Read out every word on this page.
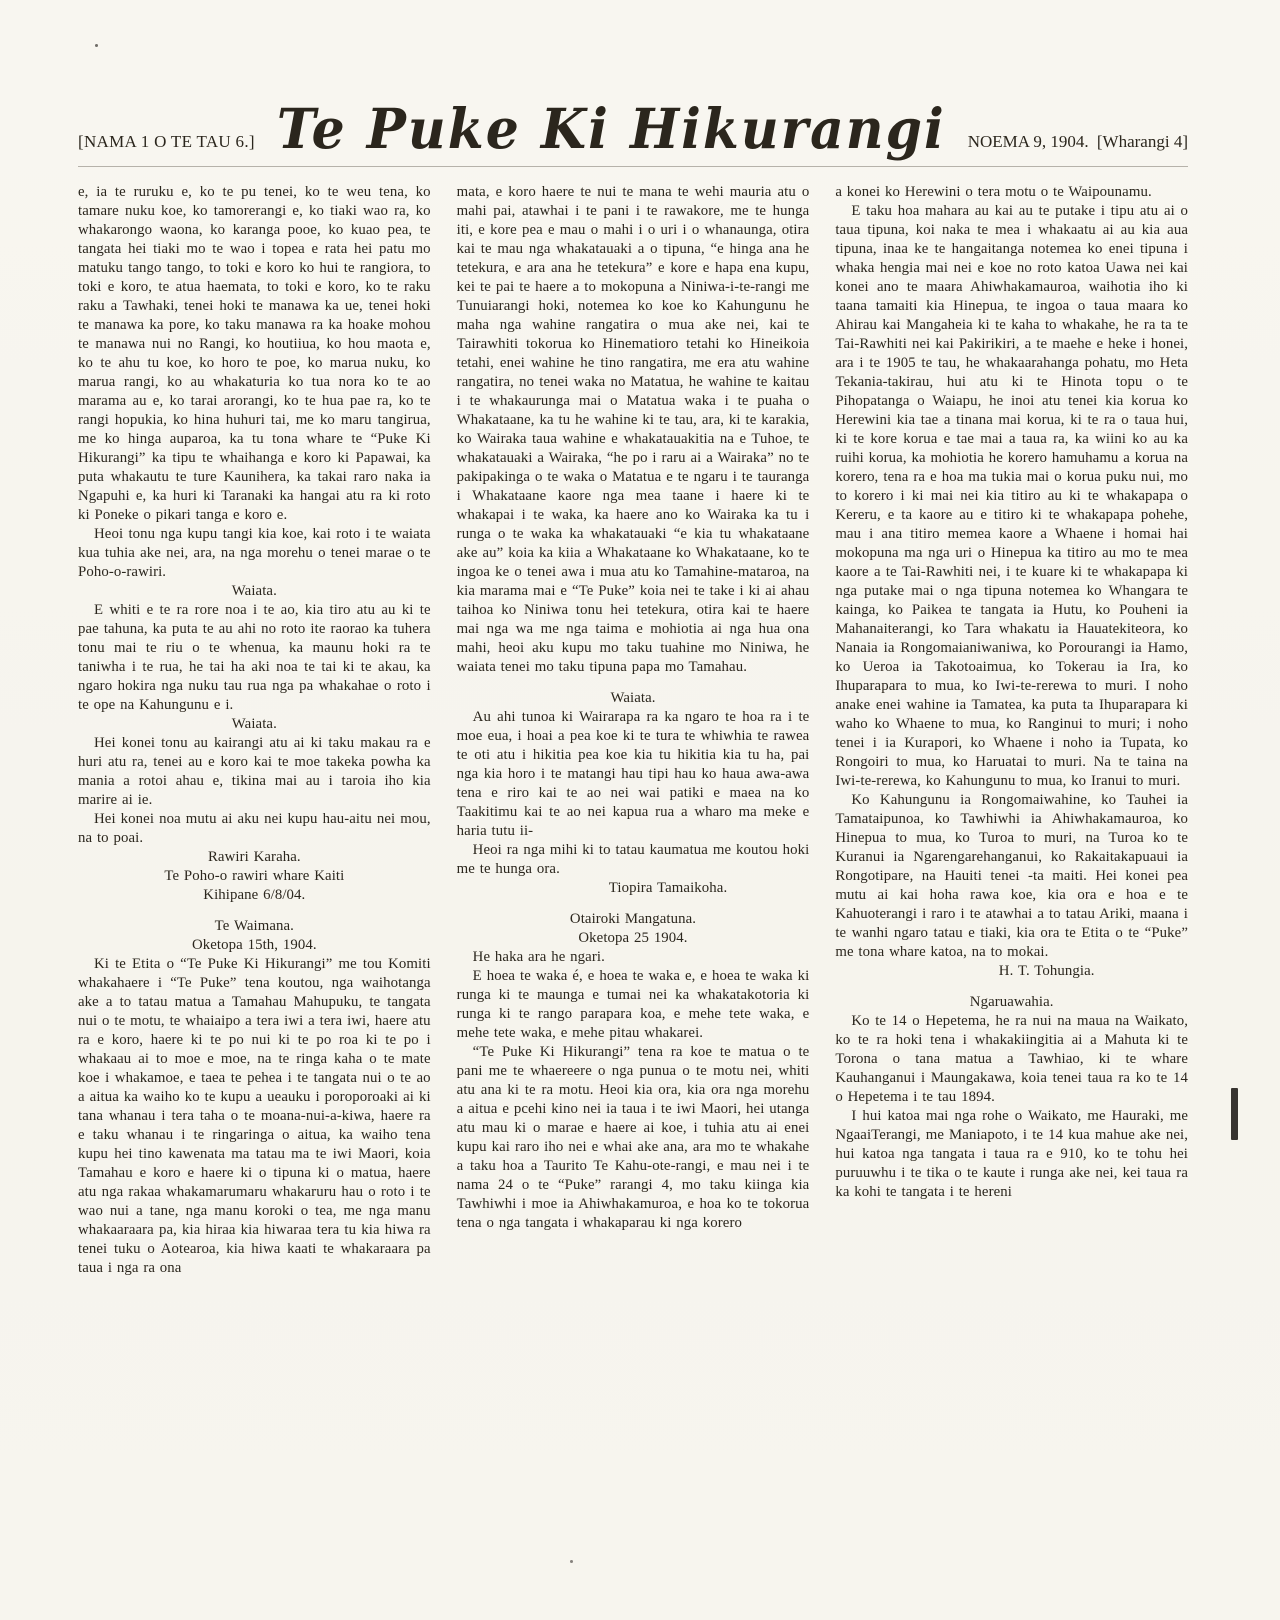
[NAMA 1 O TE TAU 6.] Te Puke Ki Hikurangi NOEMA 9, 1904. [Wharangi 4]

e, ia te ruruku e, ko te pu tenei, ko te weu tena, ko tamare nuku koe, ko tamorerangi e, ko tiaki wao ra, ko whakarongo waona, ko karanga pooe, ko kuao pea, te tangata hei tiaki mo te wao i topea e rata hei patu mo matuku tango tango, to toki e koro ko hui te rangiora, to toki e koro, te atua haemata, to toki e koro, ko te raku raku a Tawhaki, tenei hoki te manawa ka ue, tenei hoki te manawa ka pore, ko taku manawa ra ka hoake mohou te manawa nui no Rangi, ko houtiiua, ko hou maota e, ko te ahu tu koe, ko horo te poe, ko marua nuku, ko marua rangi, ko au whakaturia ko tua nora ko te ao marama au e, ko tarai arorangi, ko te hua pae ra, ko te rangi hopukia, ko hina huhuri tai, me ko maru tangirua, me ko hinga auparoa, ka tu tona whare te “Puke Ki Hikurangi” ka tipu te whaihanga e koro ki Papawai, ka puta whakautu te ture Kaunihera, ka takai raro naka ia Ngapuhi e, ka huri ki Taranaki ka hangai atu ra ki roto ki Poneke o pikari tanga e koro e.

Heoi tonu nga kupu tangi kia koe, kai roto i te waiata kua tuhia ake nei, ara, na nga morehu o tenei marae o te Poho-o-rawiri.

Waiata.

E whiti e te ra rore noa i te ao, kia tiro atu au ki te pae tahuna, ka puta te au ahi no roto ite raorao ka tuhera tonu mai te riu o te whenua, ka maunu hoki ra te taniwha i te rua, he tai ha aki noa te tai ki te akau, ka ngaro hokira nga nuku tau rua nga pa whakahae o roto i te ope na Kahungunu e i.

Waiata.

Hei konei tonu au kairangi atu ai ki taku makau ra e huri atu ra, tenei au e koro kai te moe takeka powha ka mania a rotoi ahau e, tikina mai au i taroia iho kia marire ai ie.

Hei konei noa mutu ai aku nei kupu hau-aitu nei mou, na to poai.

Rawiri Karaha.

Te Poho-o rawiri whare Kaiti

Kihipane 6/8/04.

Te Waimana.

Oketopa 15th, 1904.

Ki te Etita o “Te Puke Ki Hikurangi” me tou Komiti whakahaere i “Te Puke” tena koutou, nga waihotanga ake a to tatau matua a Tamahau Mahupuku, te tangata nui o te motu, te whaiaipo a tera iwi a tera iwi, haere atu ra e koro, haere ki te po nui ki te po roa ki te po i whakaau ai to moe e moe, na te ringa kaha o te mate koe i whakamoe, e taea te pehea i te tangata nui o te ao a aitua ka waiho ko te kupu a ueauku i poroporoaki ai ki tana whanau i tera taha o te moana-nui-a-kiwa, haere ra e taku whanau i te ringaringa o aitua, ka waiho tena kupu hei tino kawenata ma tatau ma te iwi Maori, koia Tamahau e koro e haere ki o tipuna ki o matua, haere atu nga rakaa whakamarumaru whakaruru hau o roto i te wao nui a tane, nga manu koroki o tea, me nga manu whakaaraara pa, kia hiraa kia hiwaraa tera tu kia hiwa ra tenei tuku o Aotearoa, kia hiwa kaati te whakaraara pa taua i nga ra ona

mata, e koro haere te nui te mana te wehi mauria atu o mahi pai, atawhai i te pani i te rawakore, me te hunga iti, e kore pea e mau o mahi i o uri i o whanaunga, otira kai te mau nga whakatauaki a o tipuna, “e hinga ana he tetekura, e ara ana he tetekura” e kore e hapa ena kupu, kei te pai te haere a to mokopuna a Niniwa-i-te-rangi me Tunuiarangi hoki, notemea ko koe ko Kahungunu he maha nga wahine rangatira o mua ake nei, kai te Tairawhiti tokorua ko Hinematioro tetahi ko Hineikoia tetahi, enei wahine he tino rangatira, me era atu wahine rangatira, no tenei waka no Matatua, he wahine te kaitau i te whakaurunga mai o Matatua waka i te puaha o Whakataane, ka tu he wahine ki te tau, ara, ki te karakia, ko Wairaka taua wahine e whakatauakitia na e Tuhoe, te whakatauaki a Wairaka, “he po i raru ai a Wairaka” no te pakipakinga o te waka o Matatua e te ngaru i te tauranga i Whakataane kaore nga mea taane i haere ki te whakapai i te waka, ka haere ano ko Wairaka ka tu i runga o te waka ka whakatauaki “e kia tu whakataane ake au” koia ka kiia a Whakataane ko Whakataane, ko te ingoa ke o tenei awa i mua atu ko Tamahine-mataroa, na kia marama mai e “Te Puke” koia nei te take i ki ai ahau taihoa ko Niniwa tonu hei tetekura, otira kai te haere mai nga wa me nga taima e mohiotia ai nga hua ona mahi, heoi aku kupu mo taku tuahine mo Niniwa, he waiata tenei mo taku tipuna papa mo Tamahau.

Waiata.

Au ahi tunoa ki Wairarapa ra ka ngaro te hoa ra i te moe eua, i hoai a pea koe ki te tura te whiwhia te rawea te oti atu i hikitia pea koe kia tu hikitia kia tu ha, pai nga kia horo i te matangi hau tipi hau ko haua awa-awa tena e riro kai te ao nei wai patiki e maea na ko Taakitimu kai te ao nei kapua rua a wharo ma meke e haria tutu ii-

Heoi ra nga mihi ki to tatau kaumatua me koutou hoki me te hunga ora.

Tiopira Tamaikoha.

Otairoki Mangatuna.

Oketopa 25 1904.

He haka ara he ngari.

E hoea te waka é, e hoea te waka e, e hoea te waka ki runga ki te maunga e tumai nei ka whakatakotoria ki runga ki te rango parapara koa, e mehe tete waka, e mehe tete waka, e mehe pitau whakarei.

“Te Puke Ki Hikurangi” tena ra koe te matua o te pani me te whaereere o nga punua o te motu nei, whiti atu ana ki te ra motu. Heoi kia ora, kia ora nga morehu a aitua e pcehi kino nei ia taua i te iwi Maori, hei utanga atu mau ki o marae e haere ai koe, i tuhia atu ai enei kupu kai raro iho nei e whai ake ana, ara mo te whakahe a taku hoa a Taurito Te Kahu-ote-rangi, e mau nei i te nama 24 o te “Puke” rarangi 4, mo taku kiinga kia Tawhiwhi i moe ia Ahiwhakamuroa, e hoa ko te tokorua tena o nga tangata i whakaparau ki nga korero

a konei ko Herewini o tera motu o te Waipounamu.

E taku hoa mahara au kai au te putake i tipu atu ai o taua tipuna, koi naka te mea i whakaatu ai au kia aua tipuna, inaa ke te hangaitanga notemea ko enei tipuna i whaka hengia mai nei e koe no roto katoa Uawa nei kai konei ano te maara Ahiwhakamauroa, waihotia iho ki taana tamaiti kia Hinepua, te ingoa o taua maara ko Ahirau kai Mangaheia ki te kaha to whakahe, he ra ta te Tai-Rawhiti nei kai Pakirikiri, a te maehe e heke i honei, ara i te 1905 te tau, he whakaarahanga pohatu, mo Heta Tekania-takirau, hui atu ki te Hinota topu o te Pihopatanga o Waiapu, he inoi atu tenei kia korua ko Herewini kia tae a tinana mai korua, ki te ra o taua hui, ki te kore korua e tae mai a taua ra, ka wiini ko au ka ruihi korua, ka mohiotia he korero hamuhamu a korua na korero, tena ra e hoa ma tukia mai o korua puku nui, mo to korero i ki mai nei kia titiro au ki te whakapapa o Kereru, e ta kaore au e titiro ki te whakapapa pohehe, mau i ana titiro memea kaore a Whaene i homai hai mokopuna ma nga uri o Hinepua ka titiro au mo te mea kaore a te Tai-Rawhiti nei, i te kuare ki te whakapapa ki nga putake mai o nga tipuna notemea ko Whangara te kainga, ko Paikea te tangata ia Hutu, ko Pouheni ia Mahanaiterangi, ko Tara whakatu ia Hauatekiteora, ko Nanaia ia Rongomaianiwaniwa, ko Porourangi ia Hamo, ko Ueroa ia Takotoaimua, ko Tokerau ia Ira, ko Ihuparapara to mua, ko Iwi-te-rerewa to muri. I noho anake enei wahine ia Tamatea, ka puta ta Ihuparapara ki waho ko Whaene to mua, ko Ranginui to muri; i noho tenei i ia Kurapori, ko Whaene i noho ia Tupata, ko Rongoiri to mua, ko Haruatai to muri. Na te taina na Iwi-te-rerewa, ko Kahungunu to mua, ko Iranui to muri.

Ko Kahungunu ia Rongomaiwahine, ko Tauhei ia Tamataipunoa, ko Tawhiwhi ia Ahiwhakamauroa, ko Hinepua to mua, ko Turoa to muri, na Turoa ko te Kuranui ia Ngarengarehanganui, ko Rakaitakapuaui ia Rongotipare, na Hauiti tenei -ta maiti. Hei konei pea mutu ai kai hoha rawa koe, kia ora e hoa e te Kahuoterangi i raro i te atawhai a to tatau Ariki, maana i te wanhi ngaro tatau e tiaki, kia ora te Etita o te “Puke” me tona whare katoa, na to mokai.

H. T. Tohungia.

Ngaruawahia.

Ko te 14 o Hepetema, he ra nui na maua na Waikato, ko te ra hoki tena i whakakiingitia ai a Mahuta ki te Torona o tana matua a Tawhiao, ki te whare Kauhanganui i Maungakawa, koia tenei taua ra ko te 14 o Hepetema i te tau 1894.

I hui katoa mai nga rohe o Waikato, me Hauraki, me NgaaiTerangi, me Maniapoto, i te 14 kua mahue ake nei, hui katoa nga tangata i taua ra e 910, ko te tohu hei puruuwhu i te tika o te kaute i runga ake nei, kei taua ra ka kohi te tangata i te hereni
